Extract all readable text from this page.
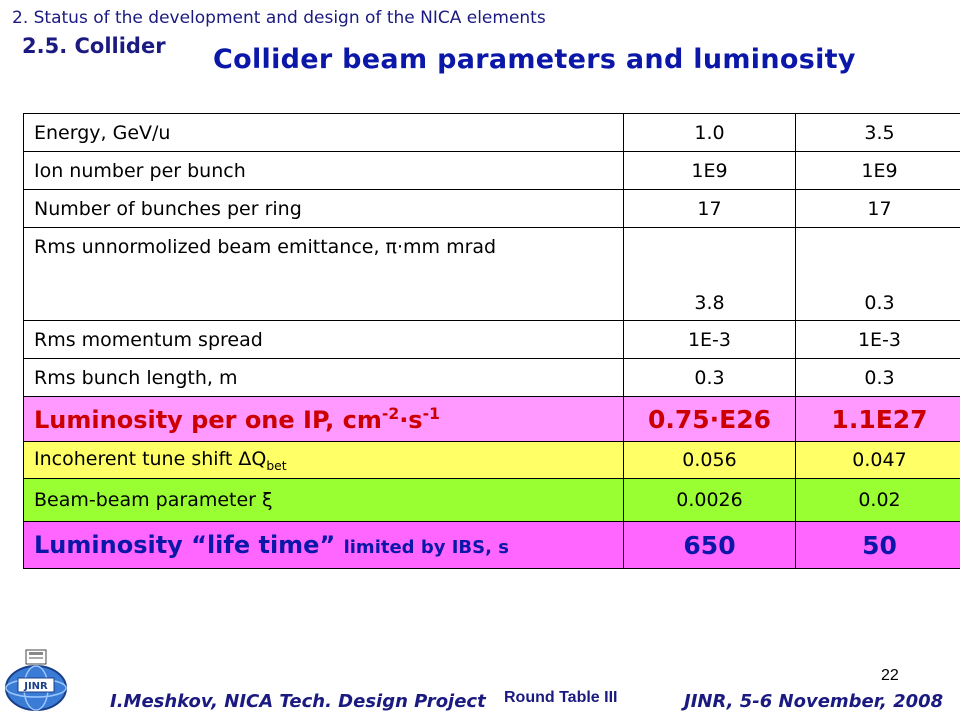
2. Status of the development and design of the NICA elements
2.5. Collider Collider beam parameters and luminosity
Energy, GeV/u	1.0	3.5
Ion number per bunch	1E9	1E9
Number of bunches per ring	17	17
Rms unnormolized beam emittance, π·mm mrad	3.8	0.3
Rms momentum spread	1E-3	1E-3
Rms bunch length, m	0.3	0.3
Luminosity per one IP, $cm^{-2}\cdot s^{-1}$	0.75·E26	1.1E27
Incoherent tune shift $\Delta Q_{bet}$	0.056	0.047
Beam-beam parameter ξ	0.0026	0.02
Luminosity “life time” limited by IBS, s	650	50
JINR
22
I.Meshkov, NICA Tech. Design Project Round Table III	JINR, 5-6 November, 2008
